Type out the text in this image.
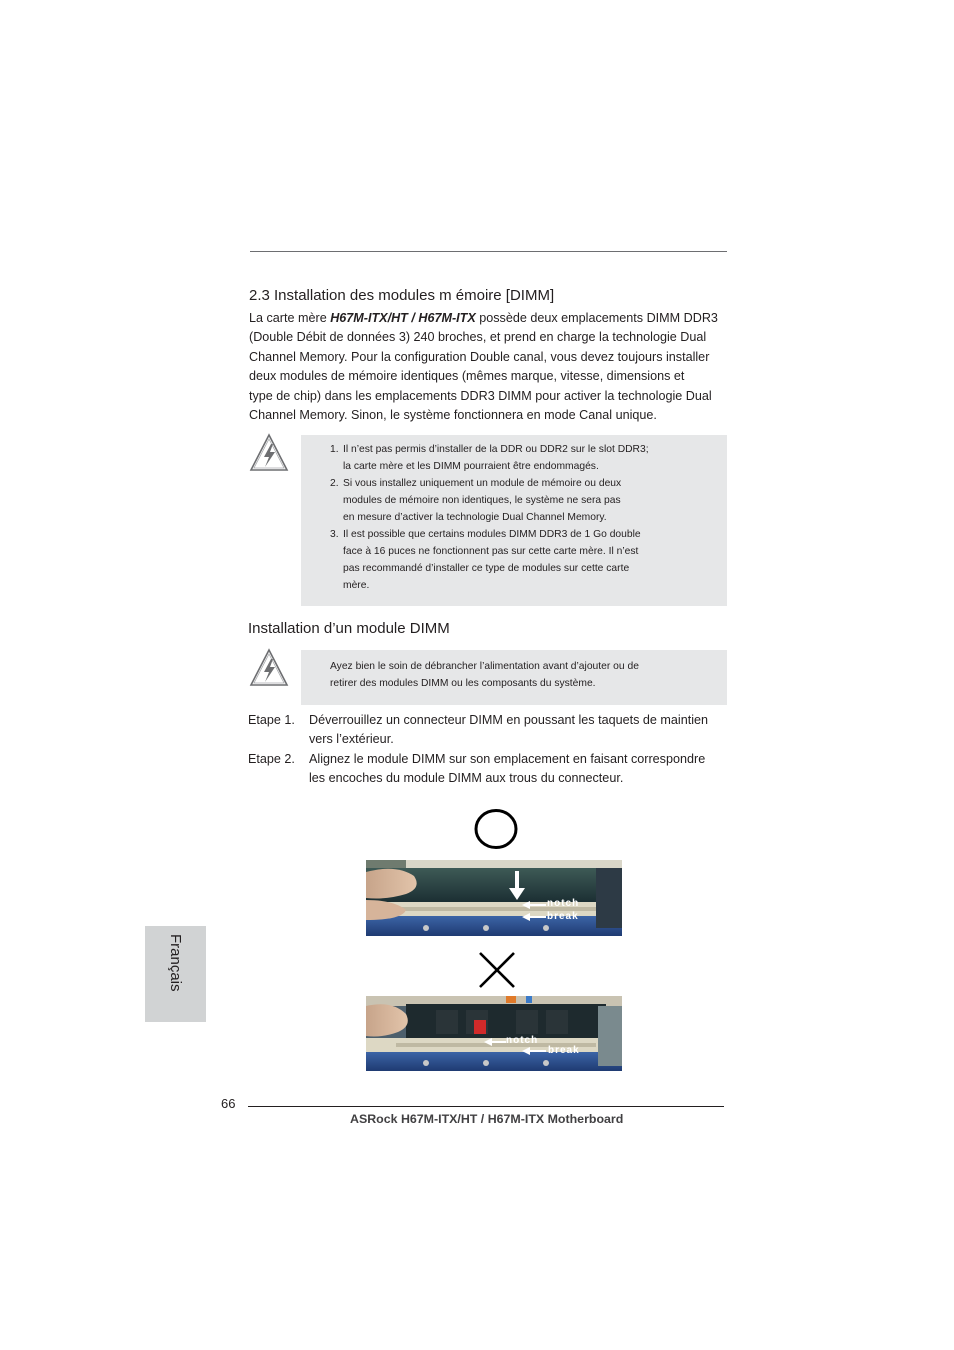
2.3 Installation des modules m émoire [DIMM]

La carte mère H67M-ITX/HT / H67M-ITX possède deux emplacements DIMM DDR3

(Double Débit de données 3) 240 broches, et prend en charge la technologie Dual

Channel Memory. Pour la configuration Double canal, vous devez toujours installer

deux modules de mémoire identiques (mêmes marque, vitesse, dimensions et

type de chip) dans les emplacements DDR3 DIMM pour activer la technologie Dual

Channel Memory. Sinon, le système fonctionnera en mode Canal unique.

1. Il n’est pas permis d’installer de la DDR ou DDR2 sur le slot DDR3;
la carte mère et les DIMM pourraient être endommagés.
2. Si vous installez uniquement un module de mémoire ou deux
modules de mémoire non identiques, le système ne sera pas
en mesure d’activer la technologie Dual Channel Memory.
3. Il est possible que certains modules DIMM DDR3 de 1 Go double
face à 16 puces ne fonctionnent pas sur cette carte mère. Il n’est
pas recommandé d’installer ce type de modules sur cette carte
mère.
Installation d’un module DIMM
Ayez bien le soin de débrancher l’alimentation avant d’ajouter ou de
retirer des modules DIMM ou les composants du système.
Etape 1. Déverrouillez un connecteur DIMM en poussant les taquets de maintien
vers l’extérieur.
Etape 2. Alignez le module DIMM sur son emplacement en faisant correspondre
les encoches du module DIMM aux trous du connecteur.
notch
break
notch
break
Français
66
ASRock H67M-ITX/HT / H67M-ITX Motherboard
